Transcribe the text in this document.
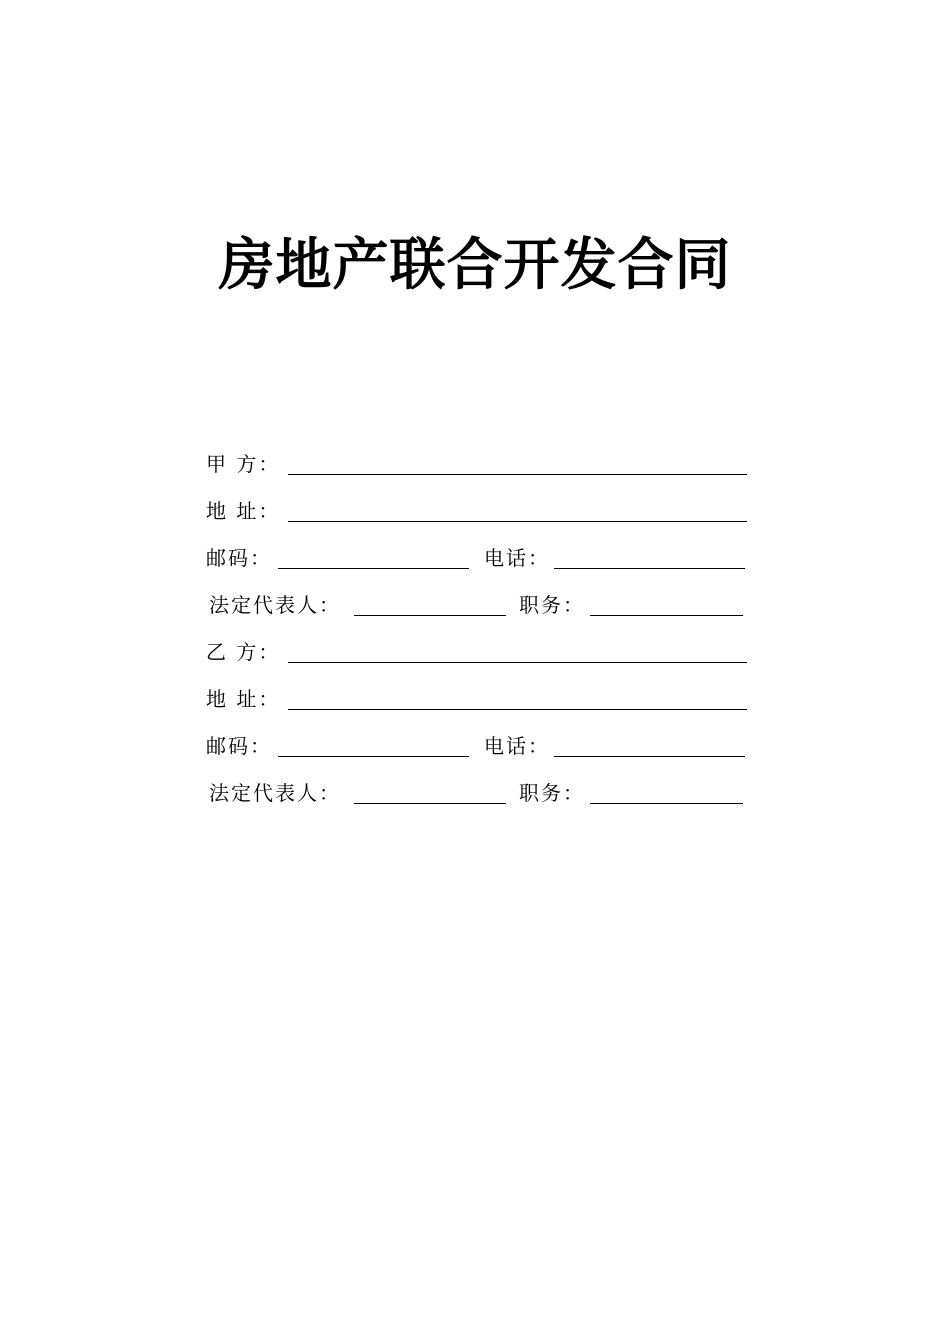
房地产联合开发合同
甲 方：
地 址：
邮码：	电话：
法定代表人：	职务：
乙 方：
地 址：
邮码：	电话：
法定代表人：	职务：
